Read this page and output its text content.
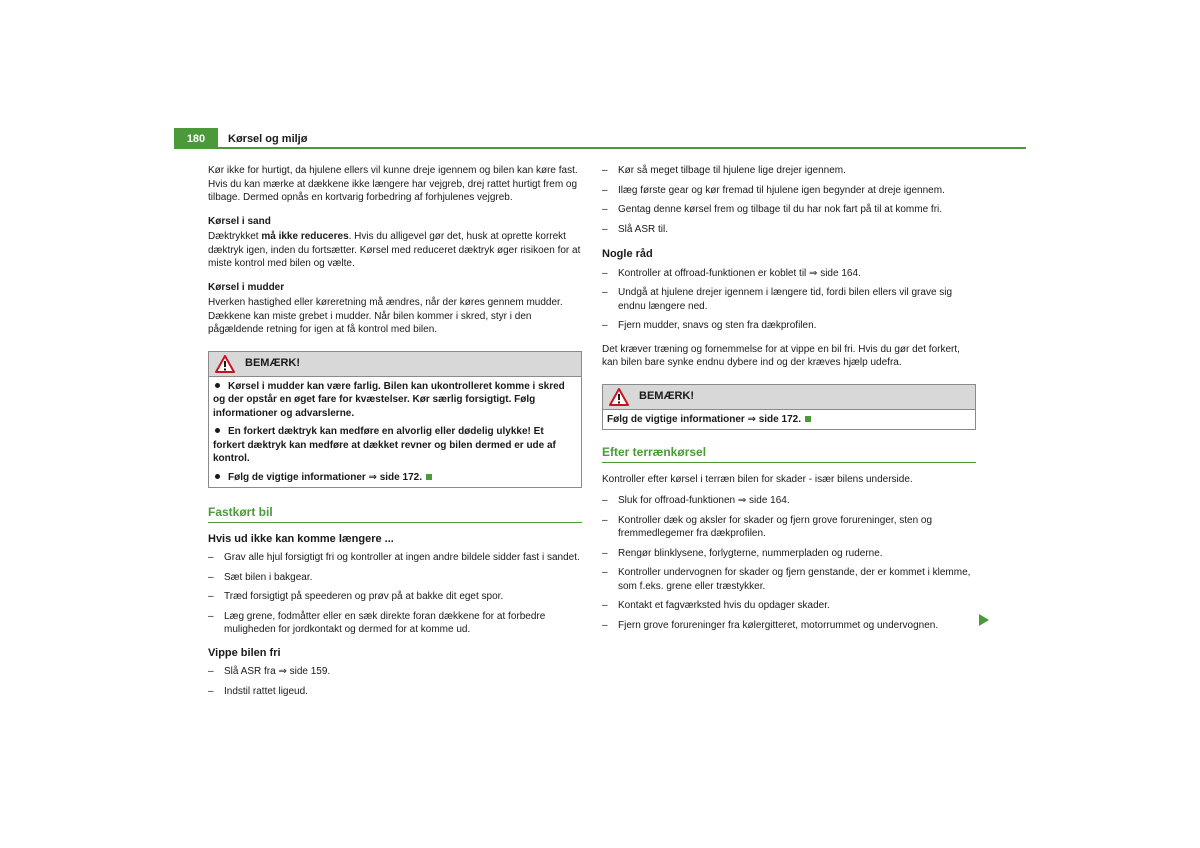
180	Kørsel og miljø

Kør ikke for hurtigt, da hjulene ellers vil kunne dreje igennem og bilen kan køre fast. Hvis du kan mærke at dækkene ikke længere har vejgreb, drej rattet hurtigt frem og tilbage. Dermed opnås en kortvarig forbedring af forhjulenes vejgreb.

Kørsel i sand

Dæktrykket må ikke reduceres. Hvis du alligevel gør det, husk at oprette korrekt dæktryk igen, inden du fortsætter. Kørsel med reduceret dæktryk øger risikoen for at miste kontrol med bilen og vælte.

Kørsel i mudder

Hverken hastighed eller køreretning må ændres, når der køres gennem mudder. Dækkene kan miste grebet i mudder. Når bilen kommer i skred, styr i den pågældende retning for igen at få kontrol med bilen.

BEMÆRK!
Kørsel i mudder kan være farlig. Bilen kan ukontrolleret komme i skred og der opstår en øget fare for kvæstelser. Kør særlig forsigtigt. Følg informationer og advarslerne.
En forkert dæktryk kan medføre en alvorlig eller dødelig ulykke! Et forkert dæktryk kan medføre at dækket revner og bilen dermed er ude af kontrol.
Følg de vigtige informationer ⇒ side 172.
Fastkørt bil
Hvis ud ikke kan komme længere ...
– Grav alle hjul forsigtigt fri og kontroller at ingen andre bildele sidder fast i sandet.
– Sæt bilen i bakgear.
– Træd forsigtigt på speederen og prøv på at bakke dit eget spor.
– Læg grene, fodmåtter eller en sæk direkte foran dækkene for at forbedre muligheden for jordkontakt og dermed for at komme ud.
Vippe bilen fri
– Slå ASR fra ⇒ side 159.
– Indstil rattet ligeud.
– Kør så meget tilbage til hjulene lige drejer igennem.
– Ilæg første gear og kør fremad til hjulene igen begynder at dreje igennem.
– Gentag denne kørsel frem og tilbage til du har nok fart på til at komme fri.
– Slå ASR til.
Nogle råd
– Kontroller at offroad-funktionen er koblet til ⇒ side 164.
– Undgå at hjulene drejer igennem i længere tid, fordi bilen ellers vil grave sig endnu længere ned.
– Fjern mudder, snavs og sten fra dækprofilen.

Det kræver træning og fornemmelse for at vippe en bil fri. Hvis du gør det forkert, kan bilen bare synke endnu dybere ind og der kræves hjælp udefra.

BEMÆRK!
Følg de vigtige informationer ⇒ side 172.
Efter terrænkørsel

Kontroller efter kørsel i terræn bilen for skader - især bilens underside.

– Sluk for offroad-funktionen ⇒ side 164.
– Kontroller dæk og aksler for skader og fjern grove forureninger, sten og fremmedlegemer fra dækprofilen.
– Rengør blinklysene, forlygterne, nummerpladen og ruderne.
– Kontroller undervognen for skader og fjern genstande, der er kommet i klemme, som f.eks. grene eller træstykker.
– Kontakt et fagværksted hvis du opdager skader.
– Fjern grove forureninger fra kølergitteret, motorrummet og undervognen.
